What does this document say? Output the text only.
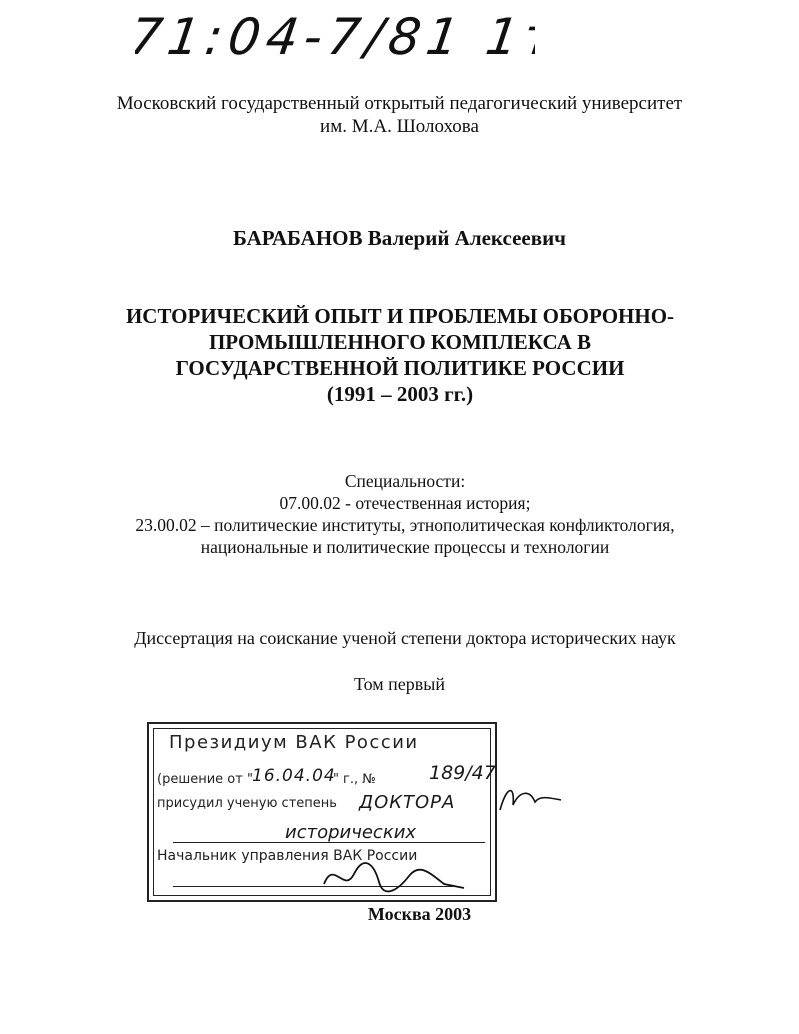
71:04-7/81 1т
Московский государственный открытый педагогический университет
им. М.А. Шолохова
БАРАБАНОВ Валерий Алексеевич
ИСТОРИЧЕСКИЙ ОПЫТ И ПРОБЛЕМЫ ОБОРОННО-
ПРОМЫШЛЕННОГО КОМПЛЕКСА В
ГОСУДАРСТВЕННОЙ ПОЛИТИКЕ РОССИИ
(1991 – 2003 гг.)
Специальности:
07.00.02 - отечественная история;
23.00.02 – политические институты, этнополитическая конфликтология,
национальные и политические процессы и технологии
Диссертация на соискание ученой степени доктора исторических наук
Том первый
Президиум ВАК России
(решение от "	" г., №
16.04.04	189/47
присудил ученую степень ДОКТОРА
исторических
Начальник управления ВАК России
Москва 2003
